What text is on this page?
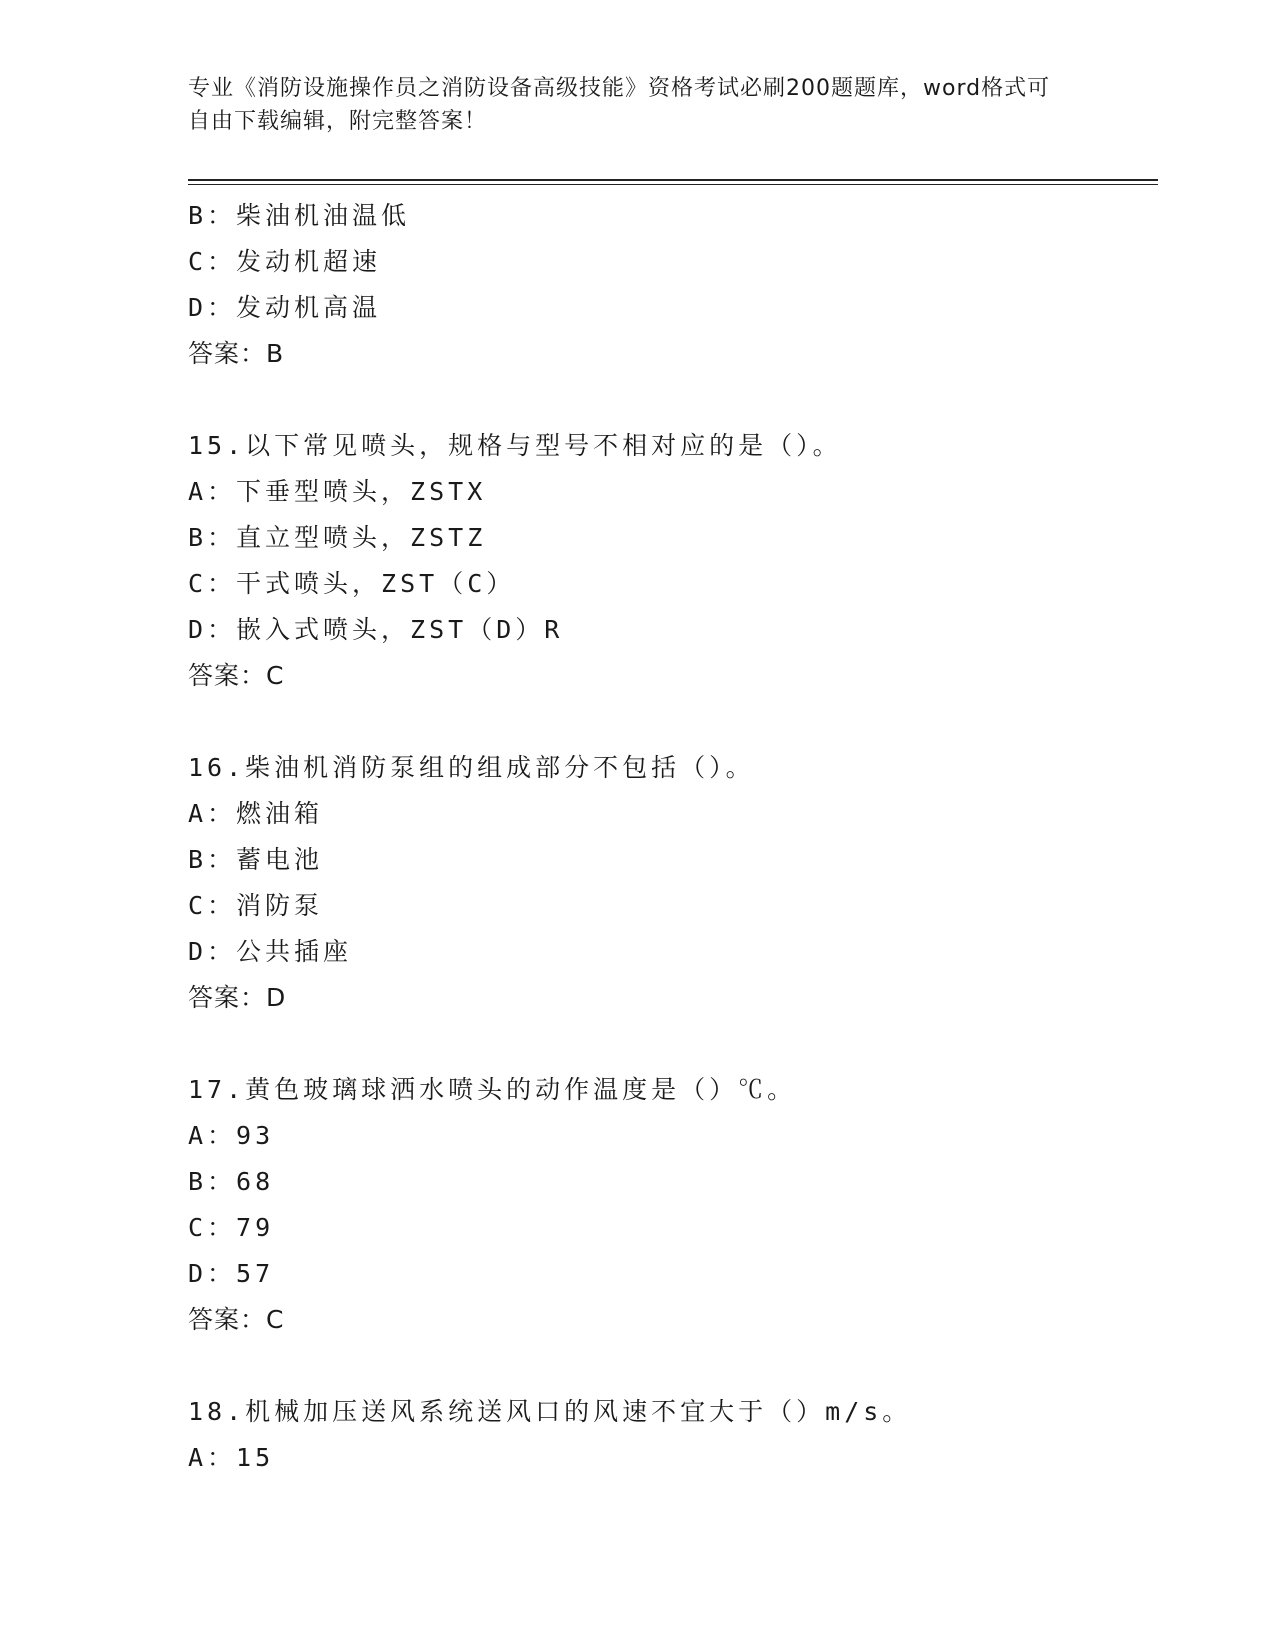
专业《消防设施操作员之消防设备高级技能》资格考试必刷200题题库，word格式可自由下载编辑，附完整答案！
B：柴油机油温低
C：发动机超速
D：发动机高温
答案：B
15.以下常见喷头，规格与型号不相对应的是（）。
A：下垂型喷头，ZSTX
B：直立型喷头，ZSTZ
C：干式喷头，ZST（C）
D：嵌入式喷头，ZST（D）R
答案：C
16.柴油机消防泵组的组成部分不包括（）。
A：燃油箱
B：蓄电池
C：消防泵
D：公共插座
答案：D
17.黄色玻璃球洒水喷头的动作温度是（）℃。
A：93
B：68
C：79
D：57
答案：C
18.机械加压送风系统送风口的风速不宜大于（）m/s。
A：15
